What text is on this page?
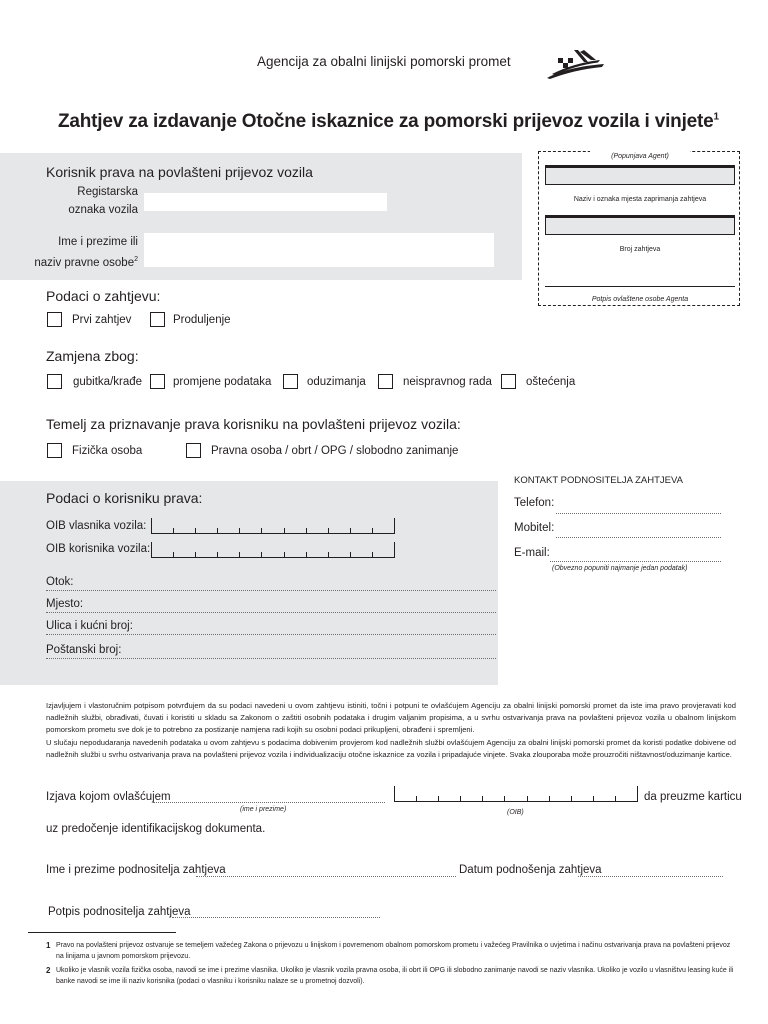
Agencija za obalni linijski pomorski promet
Zahtjev za izdavanje Otočne iskaznice za pomorski prijevoz vozila i vinjete$^1$
Korisnik prava na povlašteni prijevoz vozila
Registarska
oznaka vozila
Ime i prezime ili
naziv pravne osobe$^2$
(Popunjava Agent)
Naziv i oznaka mjesta zaprimanja zahtjeva
Broj zahtjeva
Potpis ovlaštene osobe Agenta
Podaci o zahtjevu:
Prvi zahtjev	Produljenje
Zamjena zbog:
gubitka/krađe	promjene podataka	oduzimanja	neispravnog rada	oštećenja
Temelj za priznavanje prava korisniku na povlašteni prijevoz vozila:
Fizička osoba	Pravna osoba / obrt / OPG / slobodno zanimanje
Podaci o korisniku prava:
OIB vlasnika vozila:
OIB korisnika vozila:
Otok:
Mjesto:
Ulica i kućni broj:
Poštanski broj:
KONTAKT PODNOSITELJA ZAHTJEVA
Telefon:
Mobitel:
E-mail:
(Obvezno popuniti najmanje jedan podatak)
Izjavljujem i vlastoručnim potpisom potvrđujem da su podaci navedeni u ovom zahtjevu istiniti, točni i potpuni te ovlašćujem Agenciju za obalni linijski pomorski promet da iste ima pravo provjeravati kod nadležnih službi, obrađivati, čuvati i koristiti u skladu sa Zakonom o zaštiti osobnih podataka i drugim valjanim propisima, a u svrhu ostvarivanja prava na povlašteni prijevoz vozila u obalnom linijskom pomorskom prometu sve dok je to potrebno za postizanje namjena radi kojih su osobni podaci prikupljeni, obrađeni i spremljeni.
U slučaju nepodudaranja navedenih podataka u ovom zahtjevu s podacima dobivenim provjerom kod nadležnih službi ovlašćujem Agenciju za obalni linijski pomorski promet da koristi podatke dobivene od nadležnih službi u svrhu ostvarivanja prava na povlašteni prijevoz vozila i individualizaciju otočne iskaznice za vozila i pripadajuće vinjete. Svaka zlouporaba može prouzročiti ništavnost/oduzimanje kartice.
Izjava kojom ovlašćujem
(ime i prezime)	(OIB)
da preuzme karticu
uz predočenje identifikacijskog dokumenta.
Ime i prezime podnositelja zahtjeva	Datum podnošenja zahtjeva
Potpis podnositelja zahtjeva
1 Pravo na povlašteni prijevoz ostvaruje se temeljem važećeg Zakona o prijevozu u linijskom i povremenom obalnom pomorskom prometu i važećeg Pravilnika o uvjetima i načinu ostvarivanja prava na povlašteni prijevoz na linijama u javnom pomorskom prijevozu.
2 Ukoliko je vlasnik vozila fizička osoba, navodi se ime i prezime vlasnika. Ukoliko je vlasnik vozila pravna osoba, ili obrt ili OPG ili slobodno zanimanje navodi se naziv vlasnika. Ukoliko je vozilo u vlasništvu leasing kuće ili banke navodi se ime ili naziv korisnika (podaci o vlasniku i korisniku nalaze se u prometnoj dozvoli).
